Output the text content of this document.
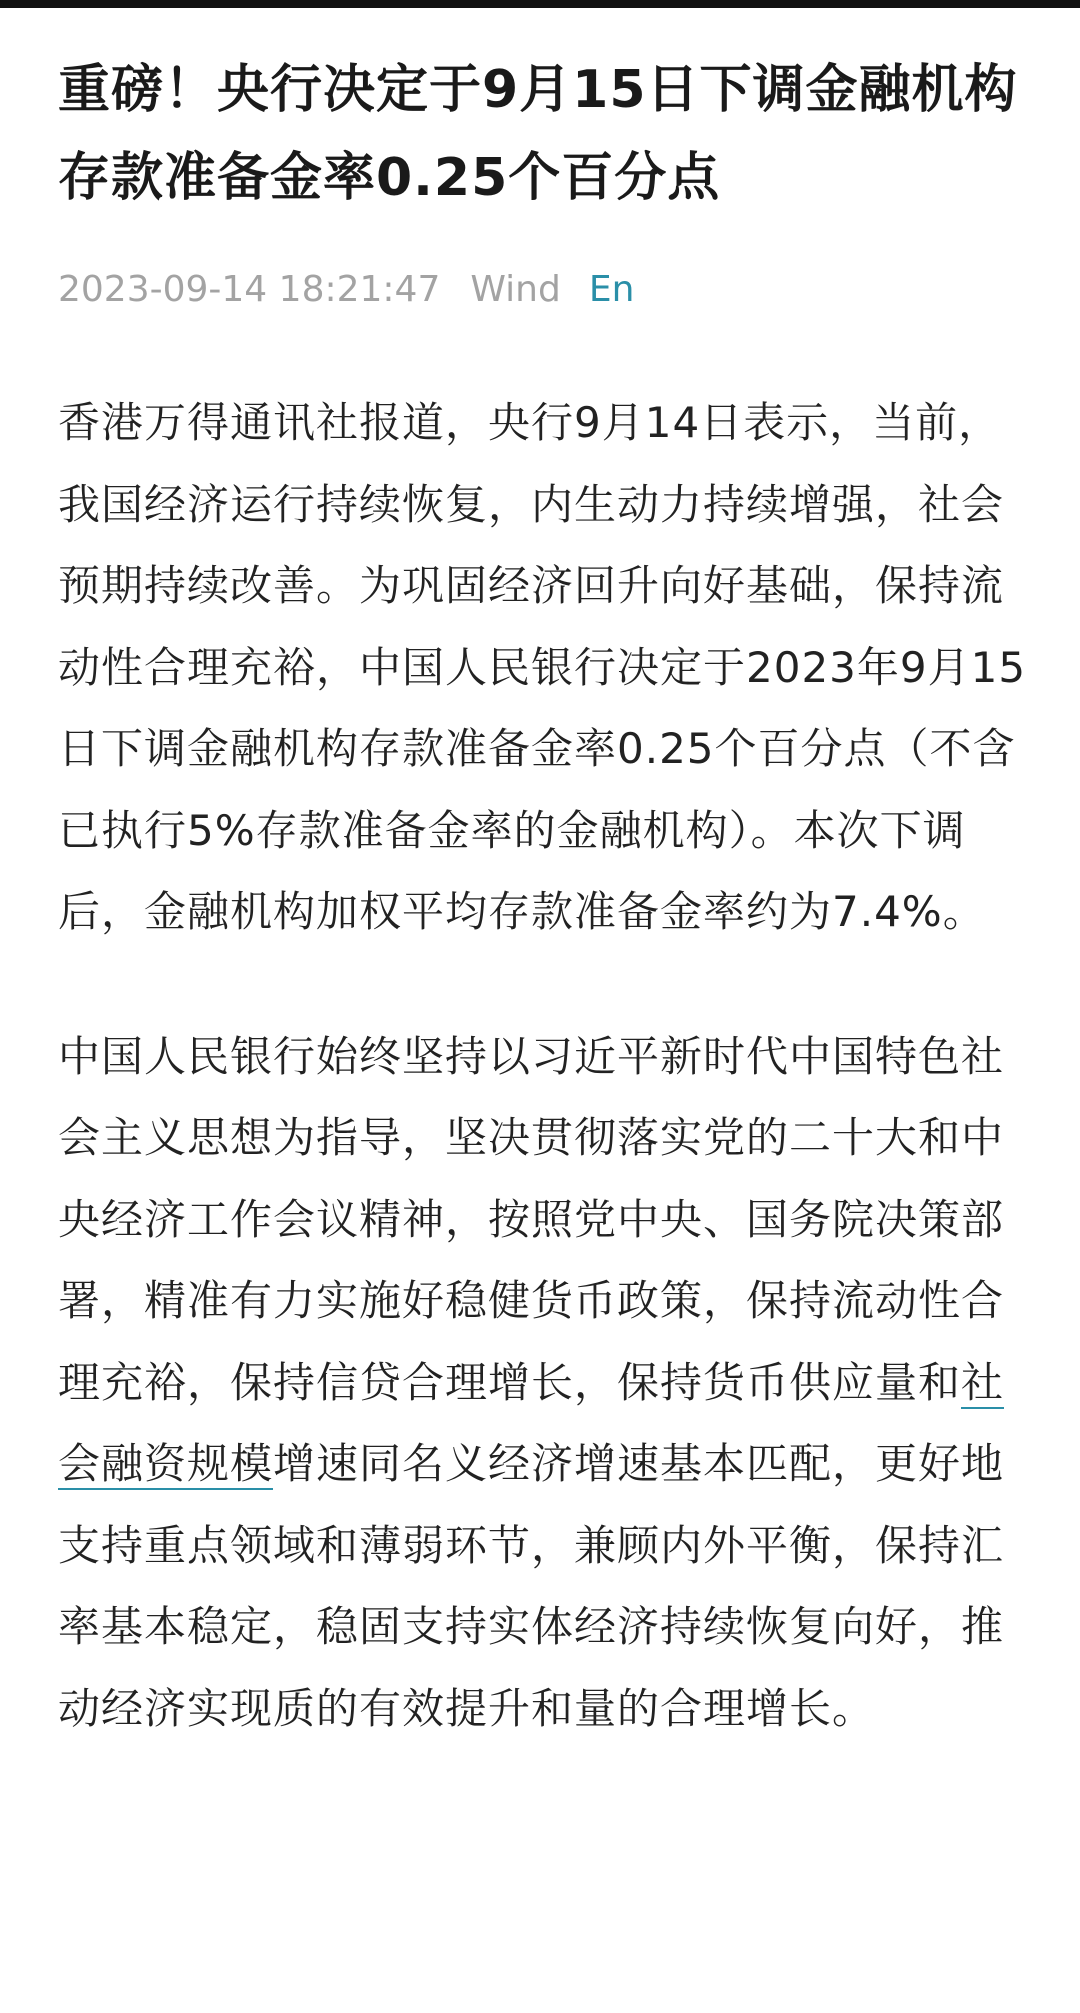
重磅！央行决定于9月15日下调金融机构存款准备金率0.25个百分点
2023-09-14 18:21:47 Wind En

香港万得通讯社报道，央行9月14日表示，当前，我国经济运行持续恢复，内生动力持续增强，社会预期持续改善。为巩固经济回升向好基础，保持流动性合理充裕，中国人民银行决定于2023年9月15日下调金融机构存款准备金率0.25个百分点（不含已执行5%存款准备金率的金融机构）。本次下调后，金融机构加权平均存款准备金率约为7.4%。

中国人民银行始终坚持以习近平新时代中国特色社会主义思想为指导，坚决贯彻落实党的二十大和中央经济工作会议精神，按照党中央、国务院决策部署，精准有力实施好稳健货币政策，保持流动性合理充裕，保持信贷合理增长，保持货币供应量和社会融资规模增速同名义经济增速基本匹配，更好地支持重点领域和薄弱环节，兼顾内外平衡，保持汇率基本稳定，稳固支持实体经济持续恢复向好，推动经济实现质的有效提升和量的合理增长。
